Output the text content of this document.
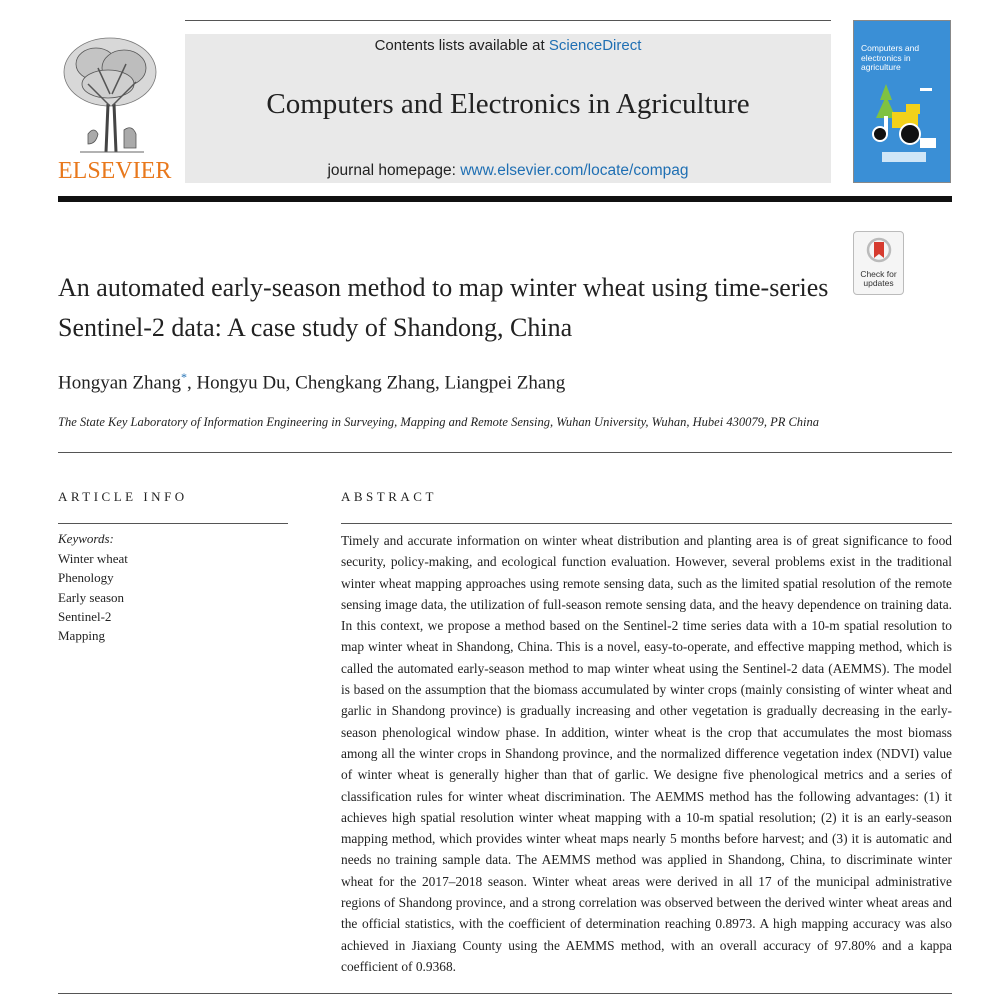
Contents lists available at ScienceDirect
Computers and Electronics in Agriculture
journal homepage: www.elsevier.com/locate/compag
ELSEVIER
Computers and electronics in agriculture
Check for
updates
An automated early-season method to map winter wheat using time-series Sentinel-2 data: A case study of Shandong, China
Hongyan Zhang*, Hongyu Du, Chengkang Zhang, Liangpei Zhang
The State Key Laboratory of Information Engineering in Surveying, Mapping and Remote Sensing, Wuhan University, Wuhan, Hubei 430079, PR China
ARTICLE INFO
Keywords:
Winter wheat
Phenology
Early season
Sentinel-2
Mapping
ABSTRACT

Timely and accurate information on winter wheat distribution and planting area is of great significance to food security, policy-making, and ecological function evaluation. However, several problems exist in the traditional winter wheat mapping approaches using remote sensing data, such as the limited spatial resolution of the remote sensing image data, the utilization of full-season remote sensing data, and the heavy dependence on training data. In this context, we propose a method based on the Sentinel-2 time series data with a 10-m spatial resolution to map winter wheat in Shandong, China. This is a novel, easy-to-operate, and effective mapping method, which is called the automated early-season method to map winter wheat using the Sentinel-2 data (AEMMS). The model is based on the assumption that the biomass accumulated by winter crops (mainly consisting of winter wheat and garlic in Shandong province) is gradually increasing and other vegetation is gradually decreasing in the early-season phenological window phase. In addition, winter wheat is the crop that accumulates the most biomass among all the winter crops in Shandong province, and the normalized difference vegetation index (NDVI) value of winter wheat is generally higher than that of garlic. We designe five phenological metrics and a series of classification rules for winter wheat discrimination. The AEMMS method has the following advantages: (1) it achieves high spatial resolution winter wheat mapping with a 10-m spatial resolution; (2) it is an early-season mapping method, which provides winter wheat maps nearly 5 months before harvest; and (3) it is automatic and needs no training sample data. The AEMMS method was applied in Shandong, China, to discriminate winter wheat for the 2017–2018 season. Winter wheat areas were derived in all 17 of the municipal administrative regions of Shandong province, and a strong correlation was observed between the derived winter wheat areas and the official statistics, with the coefficient of determination reaching 0.8973. A high mapping accuracy was also achieved in Jiaxiang County using the AEMMS method, with an overall accuracy of 97.80% and a kappa coefficient of 0.9368.
